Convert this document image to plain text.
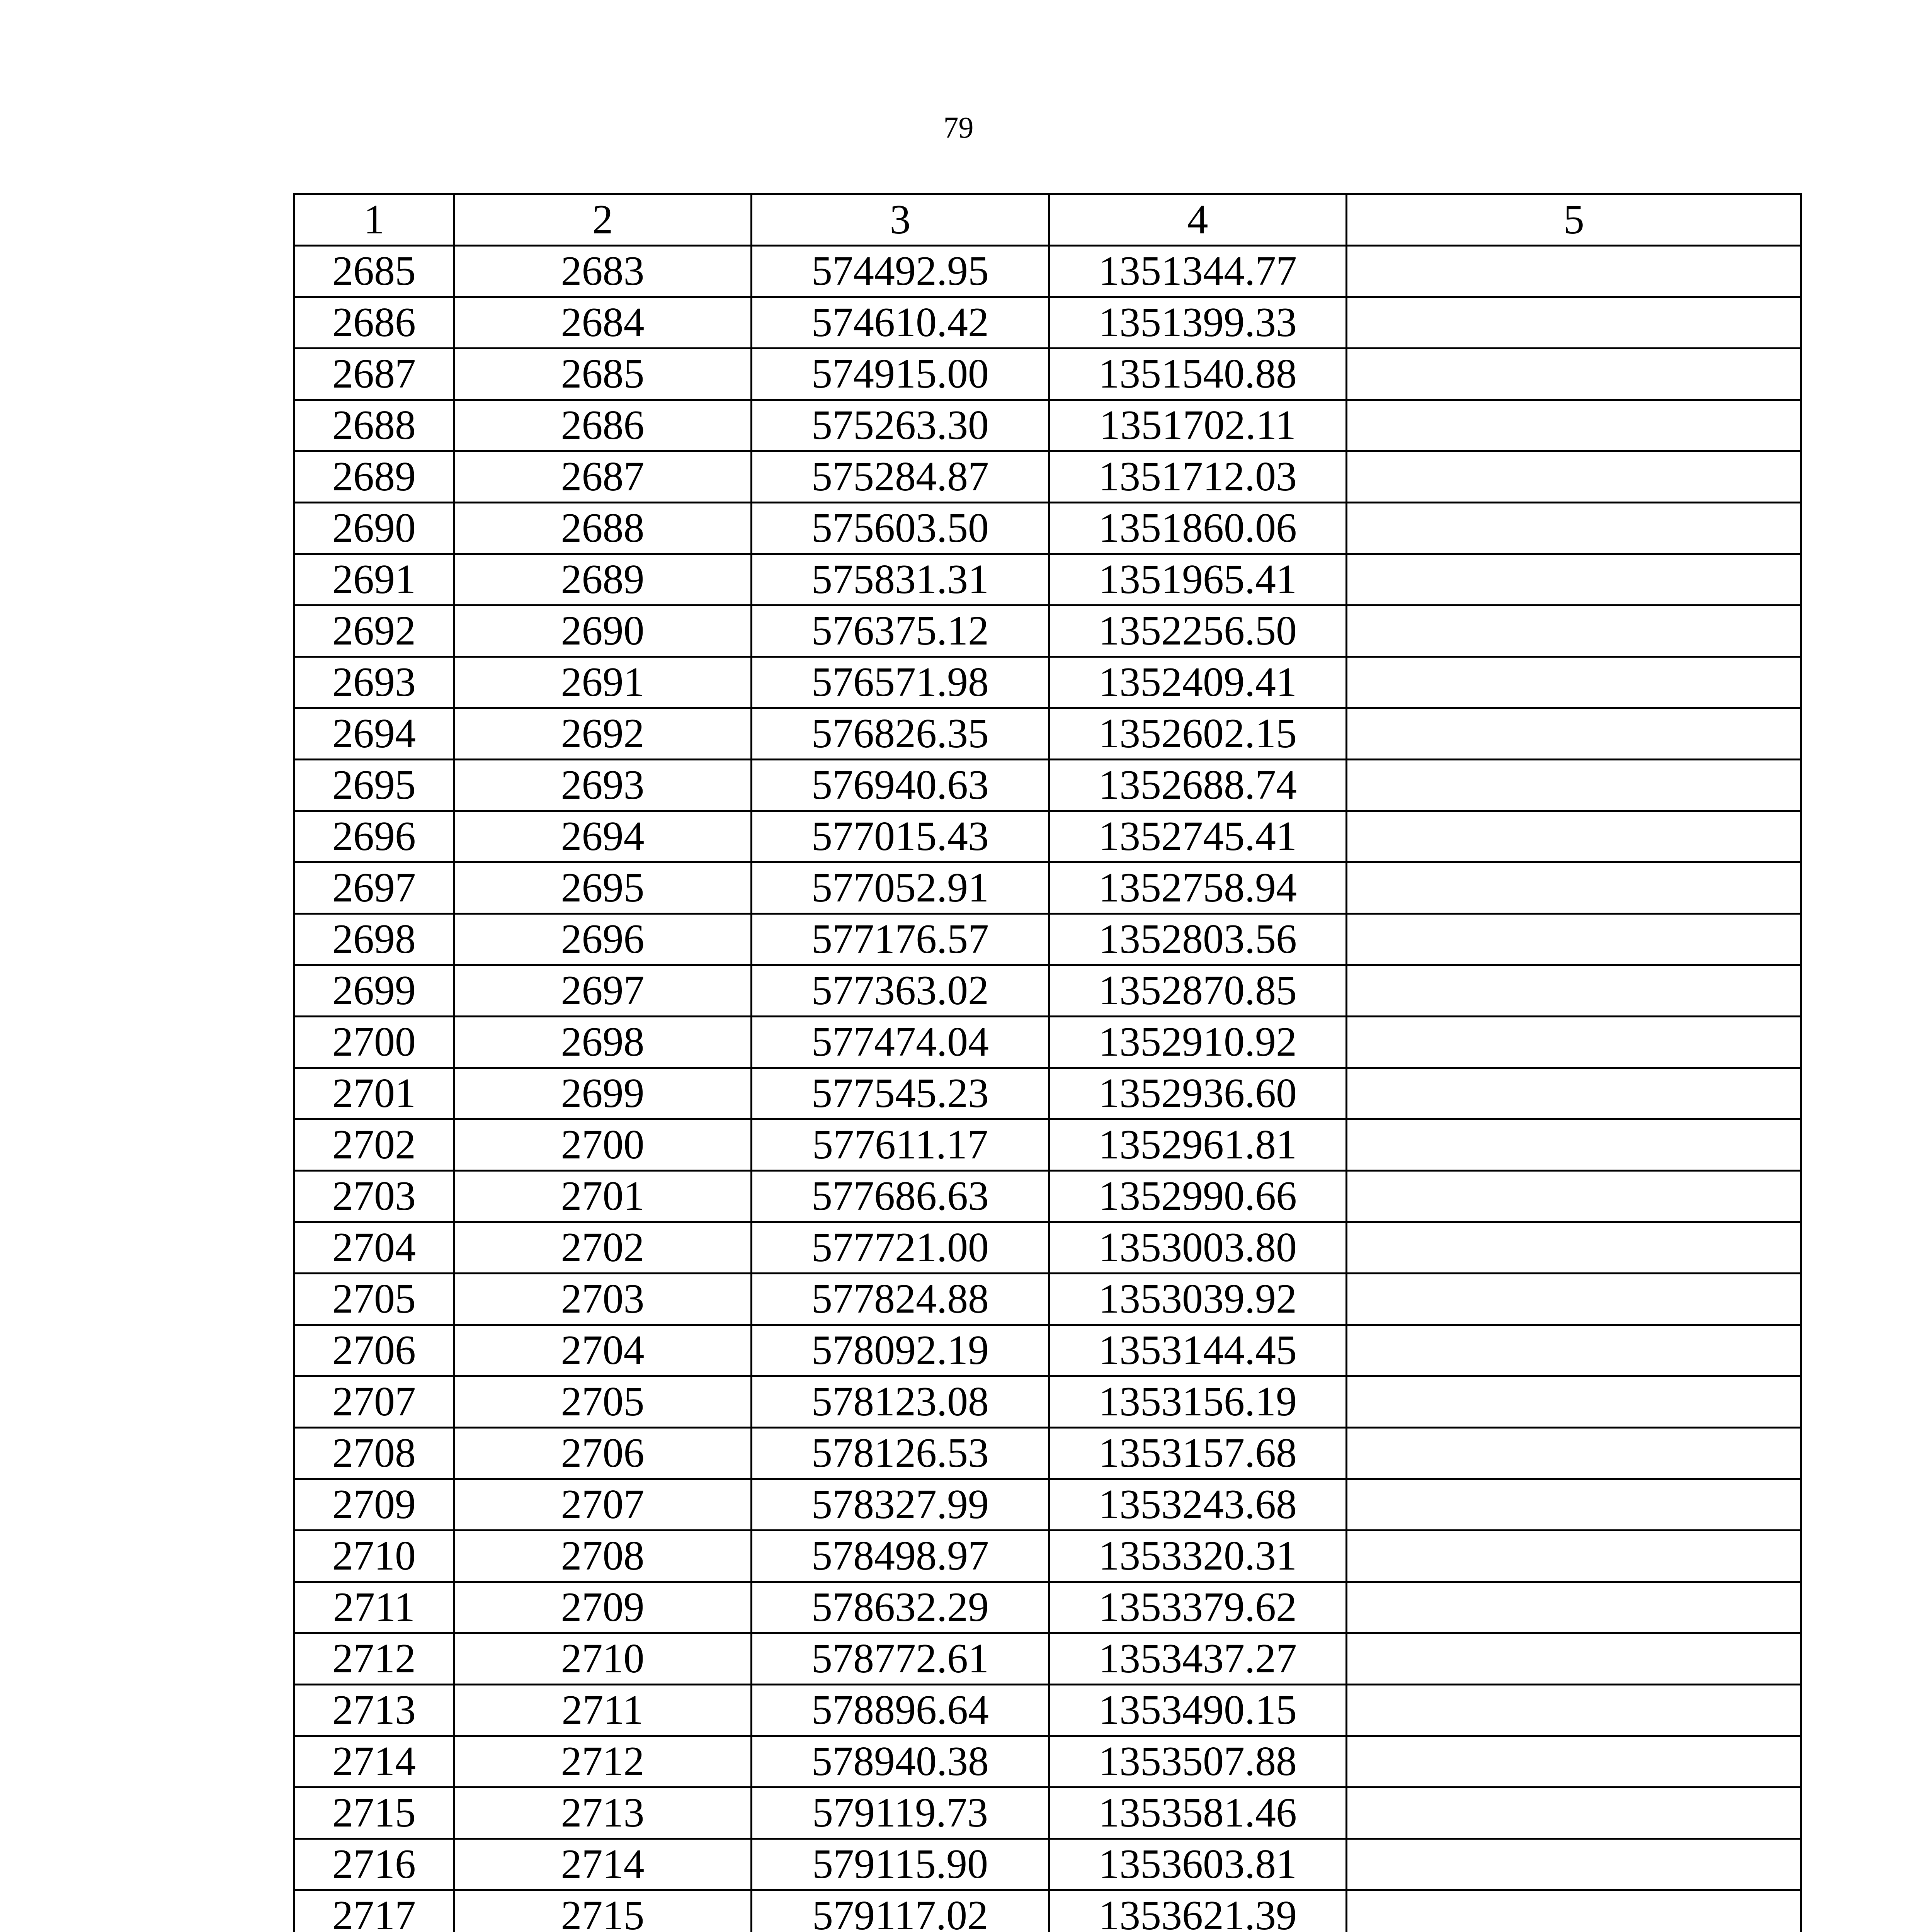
79
1	2	3	4	5
2685	2683	574492.95	1351344.77	
2686	2684	574610.42	1351399.33	
2687	2685	574915.00	1351540.88	
2688	2686	575263.30	1351702.11	
2689	2687	575284.87	1351712.03	
2690	2688	575603.50	1351860.06	
2691	2689	575831.31	1351965.41	
2692	2690	576375.12	1352256.50	
2693	2691	576571.98	1352409.41	
2694	2692	576826.35	1352602.15	
2695	2693	576940.63	1352688.74	
2696	2694	577015.43	1352745.41	
2697	2695	577052.91	1352758.94	
2698	2696	577176.57	1352803.56	
2699	2697	577363.02	1352870.85	
2700	2698	577474.04	1352910.92	
2701	2699	577545.23	1352936.60	
2702	2700	577611.17	1352961.81	
2703	2701	577686.63	1352990.66	
2704	2702	577721.00	1353003.80	
2705	2703	577824.88	1353039.92	
2706	2704	578092.19	1353144.45	
2707	2705	578123.08	1353156.19	
2708	2706	578126.53	1353157.68	
2709	2707	578327.99	1353243.68	
2710	2708	578498.97	1353320.31	
2711	2709	578632.29	1353379.62	
2712	2710	578772.61	1353437.27	
2713	2711	578896.64	1353490.15	
2714	2712	578940.38	1353507.88	
2715	2713	579119.73	1353581.46	
2716	2714	579115.90	1353603.81	
2717	2715	579117.02	1353621.39	
